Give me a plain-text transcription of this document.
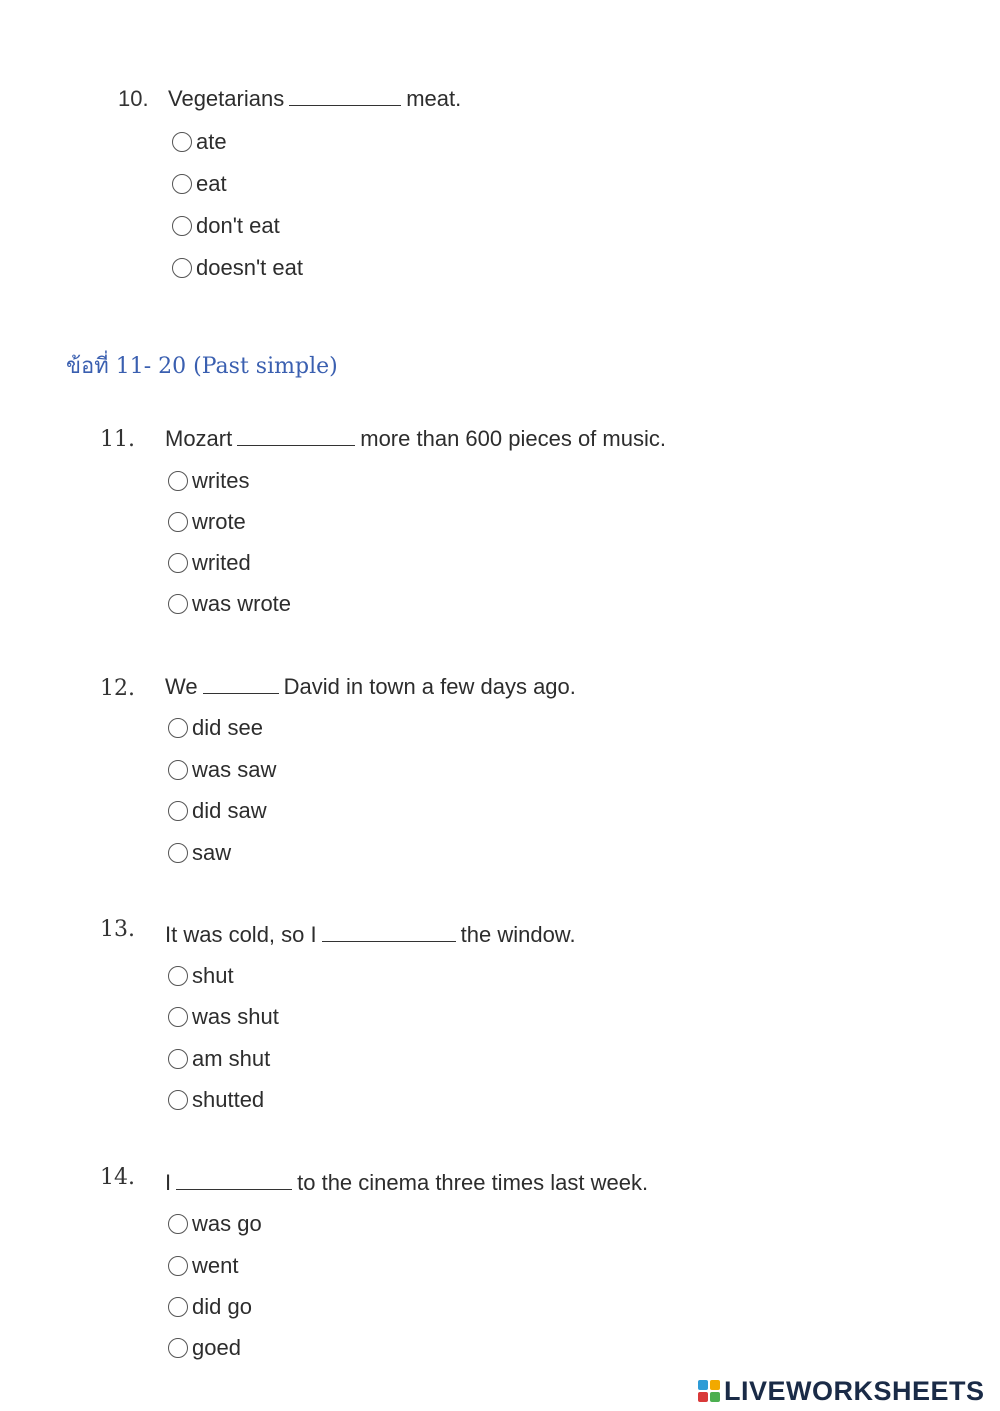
10. Vegetarians	meat.
ate
eat
don't eat
doesn't eat
ข้อที่ 11- 20 (Past simple)
11. Mozart	more than 600 pieces of music.
writes
wrote
writed
was wrote
12. We	David in town a few days ago.
did see
was saw
did saw
saw
13. It was cold, so I	the window.
shut
was shut
am shut
shutted
14. I	to the cinema three times last week.
was go
went
did go
goed
LIVEWORKSHEETS
